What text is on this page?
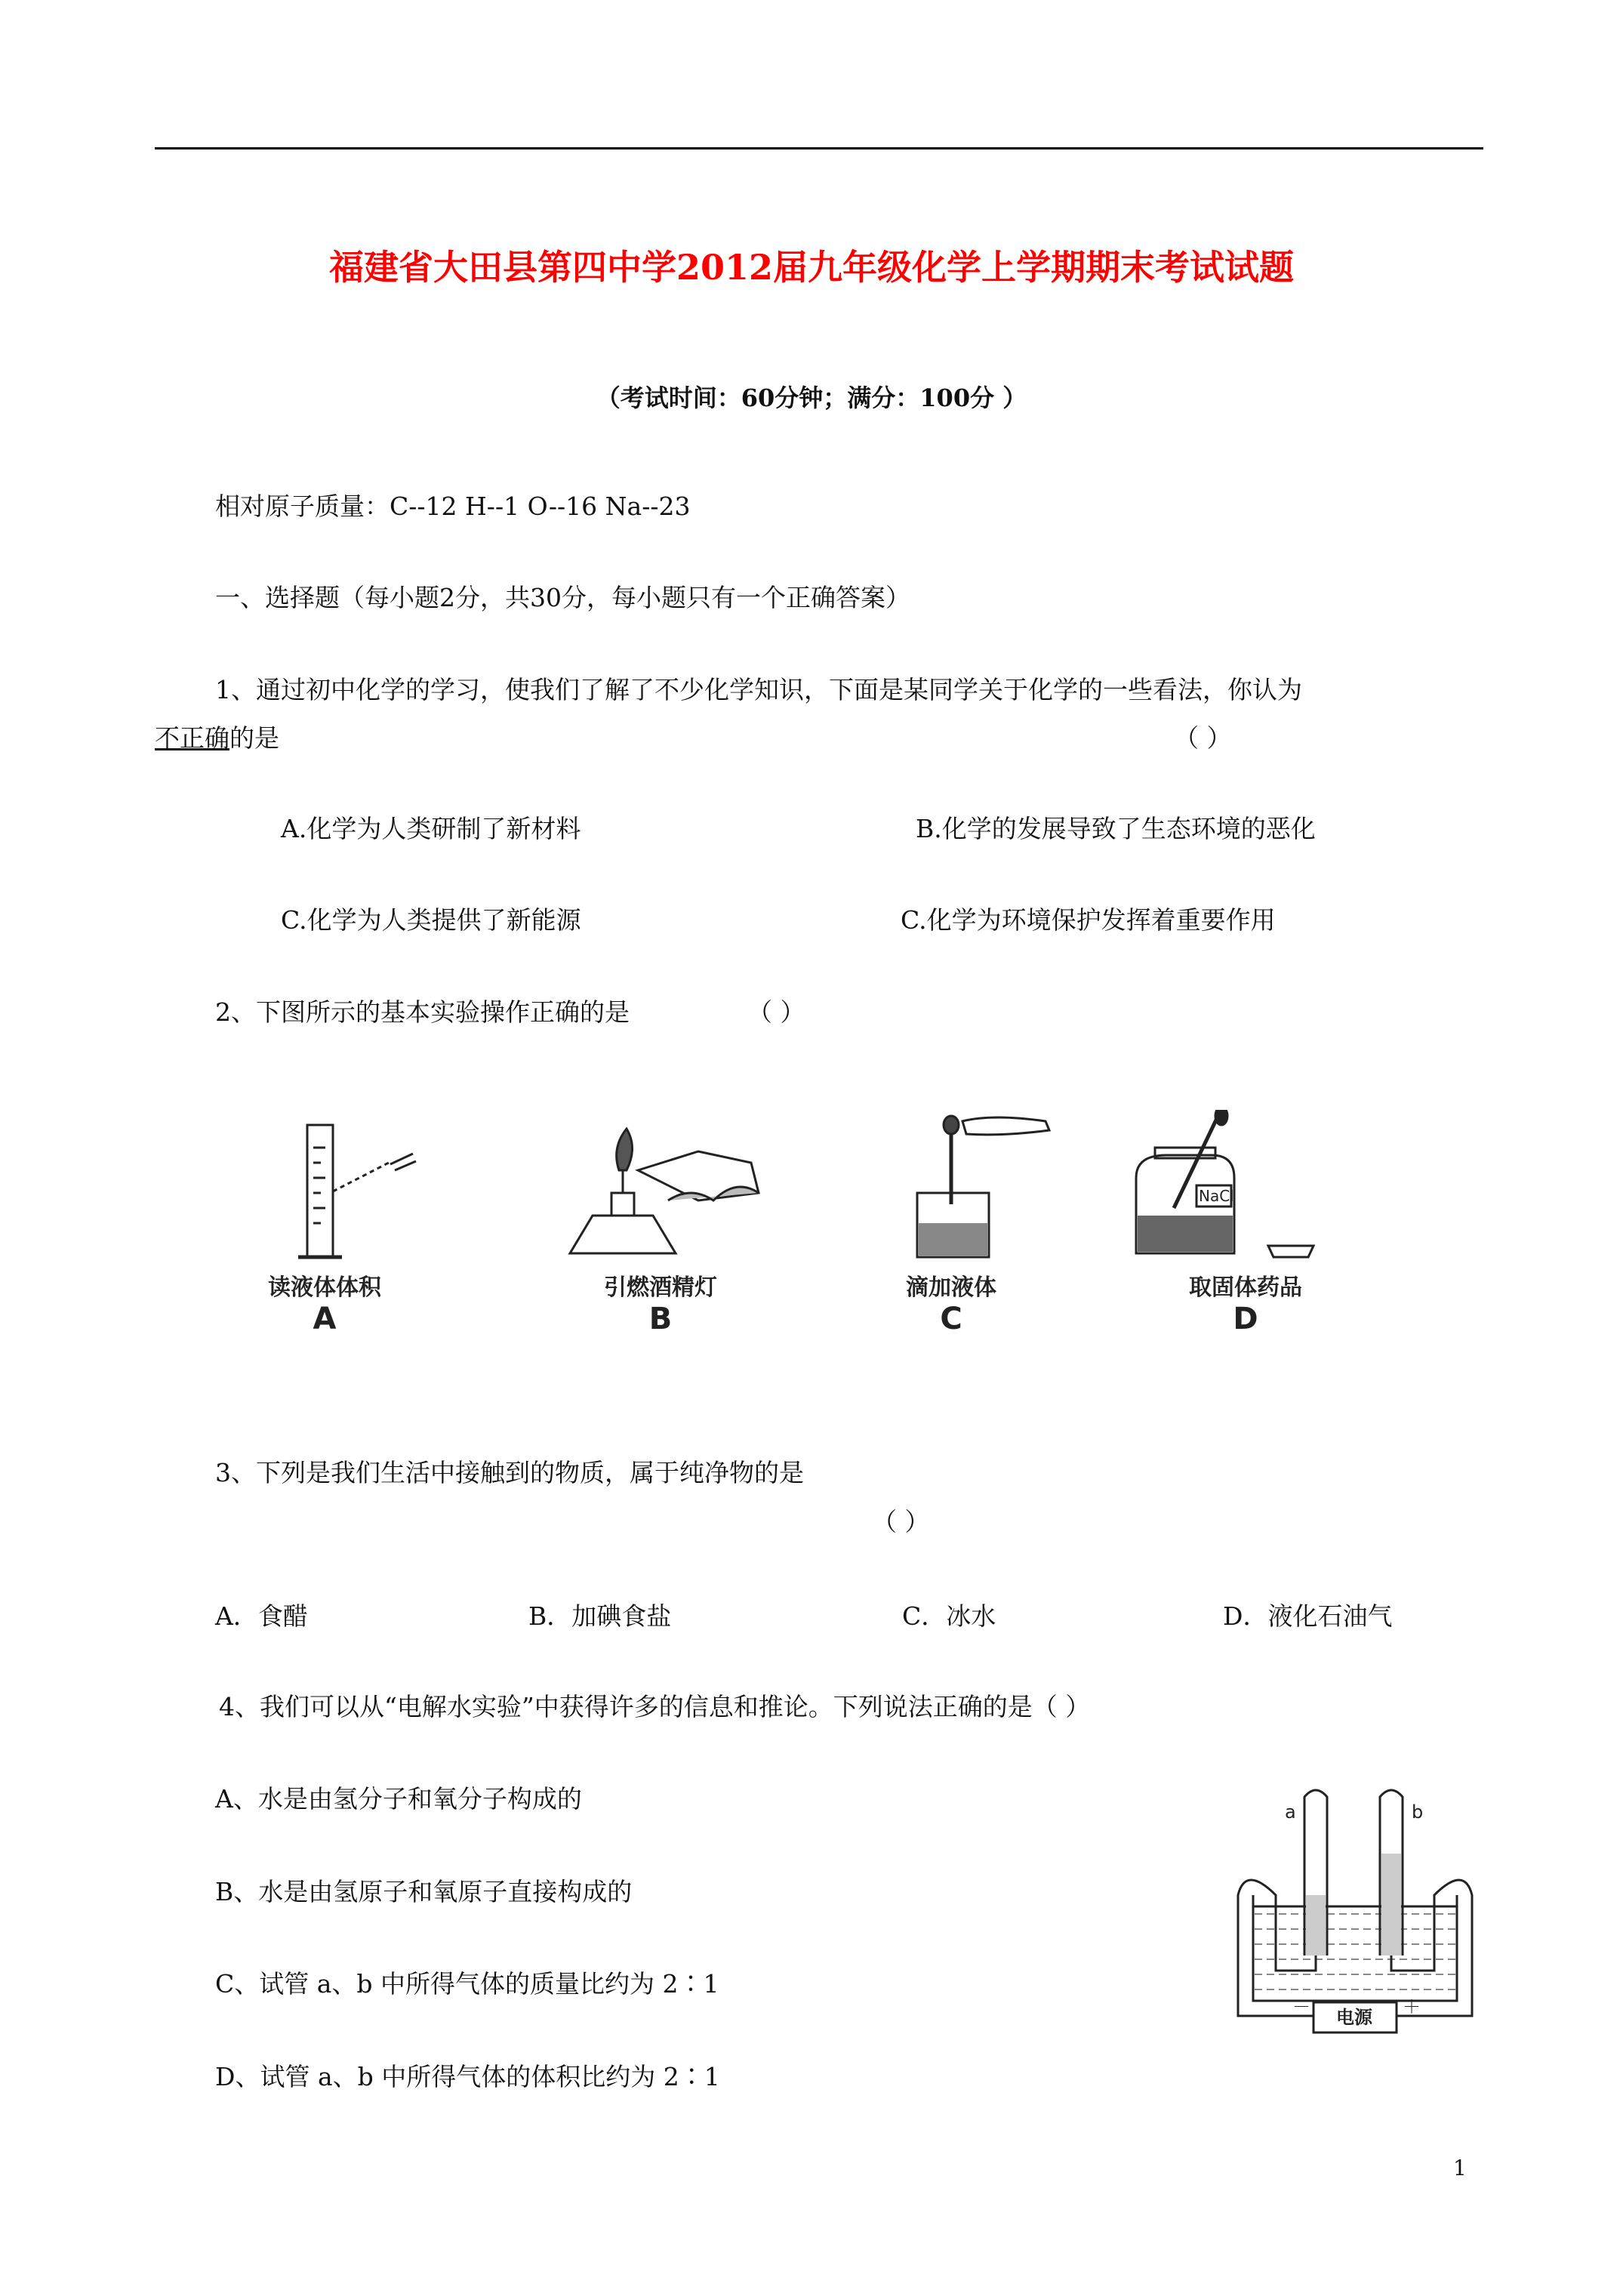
福建省大田县第四中学2012届九年级化学上学期期末考试试题
（考试时间：60分钟；满分：100分 ）
相对原子质量：C--12 H--1 O--16 Na--23
一、选择题（每小题2分，共30分，每小题只有一个正确答案）
1、通过初中化学的学习，使我们了解了不少化学知识，下面是某同学关于化学的一些看法，你认为
不正确的是	（ ）
A.化学为人类研制了新材料	B.化学的发展导致了生态环境的恶化
C.化学为人类提供了新能源	C.化学为环境保护发挥着重要作用
2、下图所示的基本实验操作正确的是	（ ）
NaCl
读液体体积	引燃酒精灯	滴加液体	取固体药品
A	B	C	D
3、下列是我们生活中接触到的物质，属于纯净物的是
（ ）
A．食醋	B．加碘食盐	C．冰水	D．液化石油气
4、我们可以从“电解水实验”中获得许多的信息和推论。下列说法正确的是（ ）
A、水是由氢分子和氧分子构成的
B、水是由氢原子和氧原子直接构成的
C、试管 a、b 中所得气体的质量比约为 2∶1
D、试管 a、b 中所得气体的体积比约为 2∶1
a	b
－	＋
电源
1
